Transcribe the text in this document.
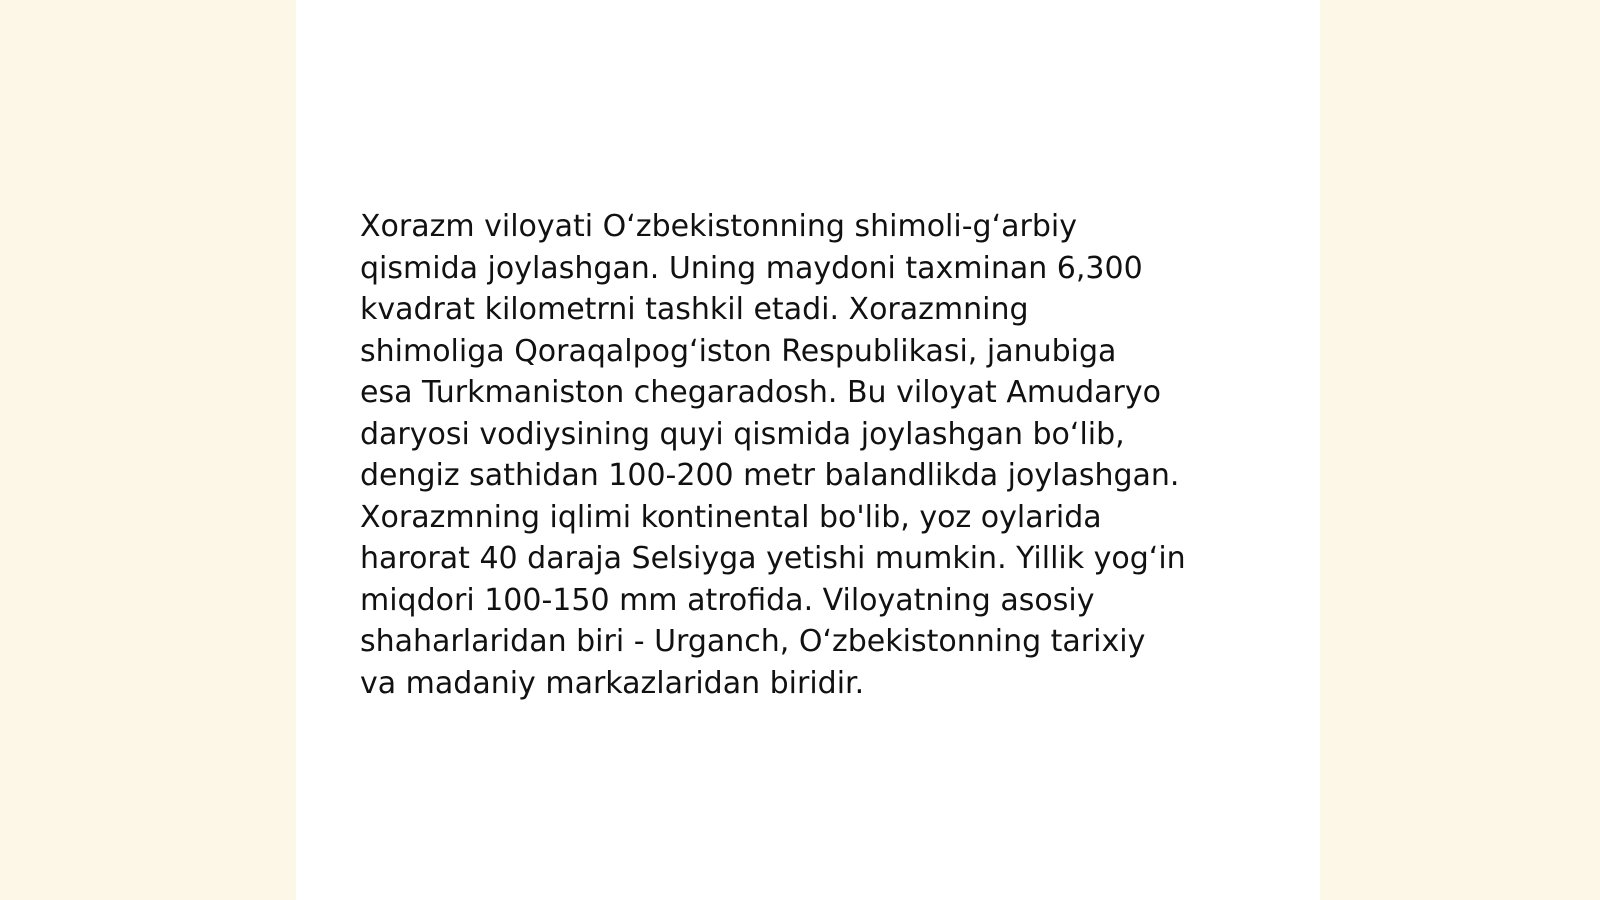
Xorazm viloyati O‘zbekistonning shimoli-g‘arbiy
qismida joylashgan. Uning maydoni taxminan 6,300
kvadrat kilometrni tashkil etadi. Xorazmning
shimoliga Qoraqalpog‘iston Respublikasi, janubiga
esa Turkmaniston chegaradosh. Bu viloyat Amudaryo
daryosi vodiysining quyi qismida joylashgan bo‘lib,
dengiz sathidan 100-200 metr balandlikda joylashgan.
Xorazmning iqlimi kontinental bo'lib, yoz oylarida
harorat 40 daraja Selsiyga yetishi mumkin. Yillik yog‘in
miqdori 100-150 mm atrofida. Viloyatning asosiy
shaharlaridan biri - Urganch, O‘zbekistonning tarixiy
va madaniy markazlaridan biridir.
